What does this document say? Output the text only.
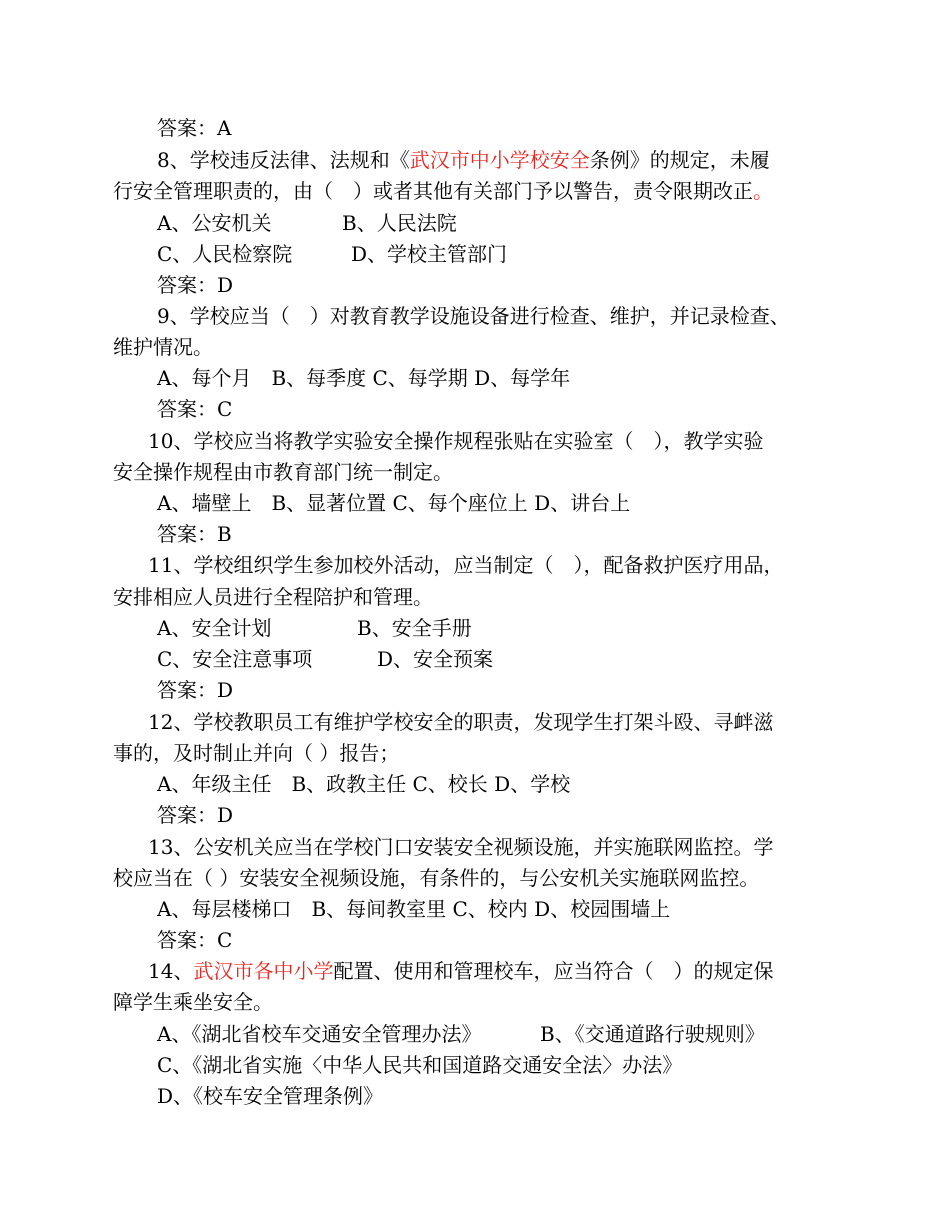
答案：A
8、学校违反法律、法规和《武汉市中小学校安全条例》的规定，未履
行安全管理职责的，由（　）或者其他有关部门予以警告，责令限期改正。
A、公安机关	B、人民法院
C、人民检察院	D、学校主管部门
答案：D
9、学校应当（　）对教育教学设施设备进行检查、维护，并记录检查、
维护情况。
A、每个月　B、每季度 C、每学期 D、每学年
答案：C
10、学校应当将教学实验安全操作规程张贴在实验室（　），教学实验
安全操作规程由市教育部门统一制定。
A、墙壁上　B、显著位置 C、每个座位上 D、讲台上
答案：B
11、学校组织学生参加校外活动，应当制定（　），配备救护医疗用品，
安排相应人员进行全程陪护和管理。
A、安全计划	B、安全手册
C、安全注意事项	D、安全预案
答案：D
12、学校教职员工有维护学校安全的职责，发现学生打架斗殴、寻衅滋
事的，及时制止并向（ ）报告；
A、年级主任　B、政教主任 C、校长 D、学校
答案：D
13、公安机关应当在学校门口安装安全视频设施，并实施联网监控。学
校应当在（ ）安装安全视频设施，有条件的，与公安机关实施联网监控。
A、每层楼梯口　B、每间教室里 C、校内 D、校园围墙上
答案：C
14、武汉市各中小学配置、使用和管理校车，应当符合（　）的规定保
障学生乘坐安全。
A、《湖北省校车交通安全管理办法》	B、《交通道路行驶规则》
C、《湖北省实施〈中华人民共和国道路交通安全法〉办法》
D、《校车安全管理条例》
